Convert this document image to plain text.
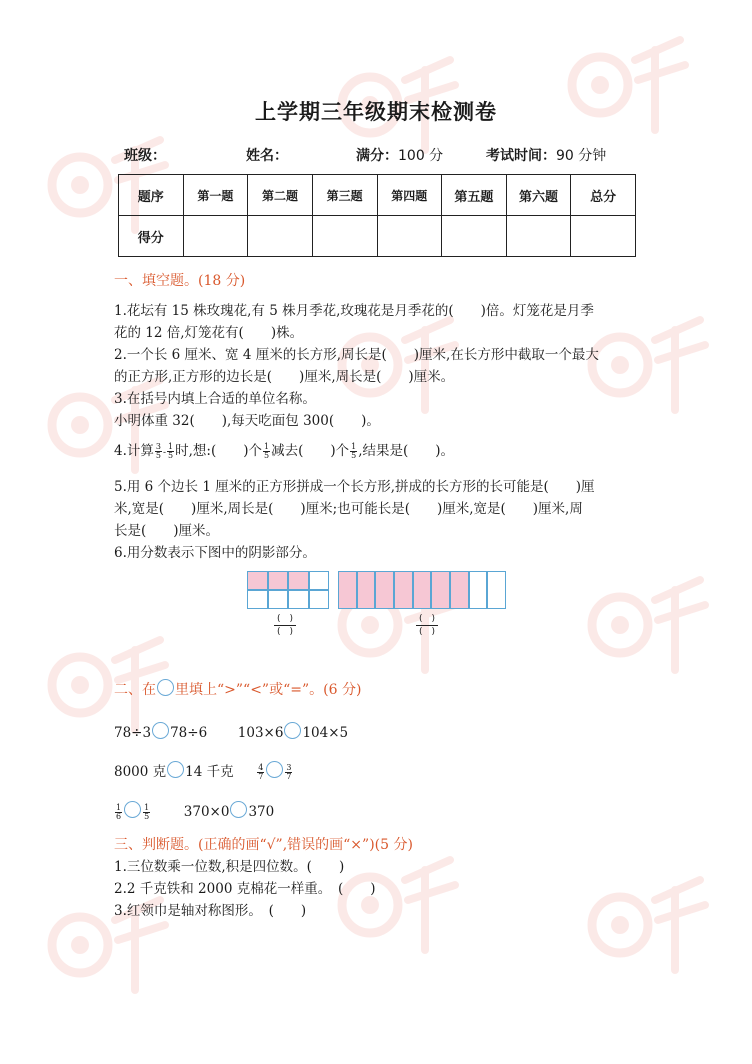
上学期三年级期末检测卷
班级：	姓名：	满分：100 分	考试时间：90 分钟
题序	第一题	第二题	第三题	第四题	第五题	第六题	总分
得分							
一、填空题。(18 分)
1.花坛有 15 株玫瑰花,有 5 株月季花,玫瑰花是月季花的(　　)倍。灯笼花是月季
花的 12 倍,灯笼花有(　　)株。
2.一个长 6 厘米、宽 4 厘米的长方形,周长是(　　)厘米,在长方形中截取一个最大
的正方形,正方形的边长是(　　)厘米,周长是(　　)厘米。
3.在括号内填上合适的单位名称。
小明体重 32(　　),每天吃面包 300(　　)。
4.计算 $\frac{3}{5} - \frac{1}{5}$ 时,想:(　　)个 $\frac{1}{5}$ 减去(　　)个 $\frac{1}{5}$ ,结果是(　　)。
5.用 6 个边长 1 厘米的正方形拼成一个长方形,拼成的长方形的长可能是(　　)厘
米,宽是(　　)厘米,周长是(　　)厘米;也可能长是(　　)厘米,宽是(　　)厘米,周
长是(　　)厘米。
6.用分数表示下图中的阴影部分。
(　)
(　)
(　)
(　)
二、在 里填上“>”“<”或“=”。(6 分)
78÷3 78÷6 103×6 104×5
8000 克 14 千克	$\frac{4}{7}$	$\frac{3}{7}$
$\frac{1}{6}$	$\frac{1}{5} 370\times 0$ 370
三、判断题。(正确的画“√”,错误的画“×”)(5 分)
1.三位数乘一位数,积是四位数。(　　)
2.2 千克铁和 2000 克棉花一样重。　(　　)
3.红领巾是轴对称图形。　(　　)
